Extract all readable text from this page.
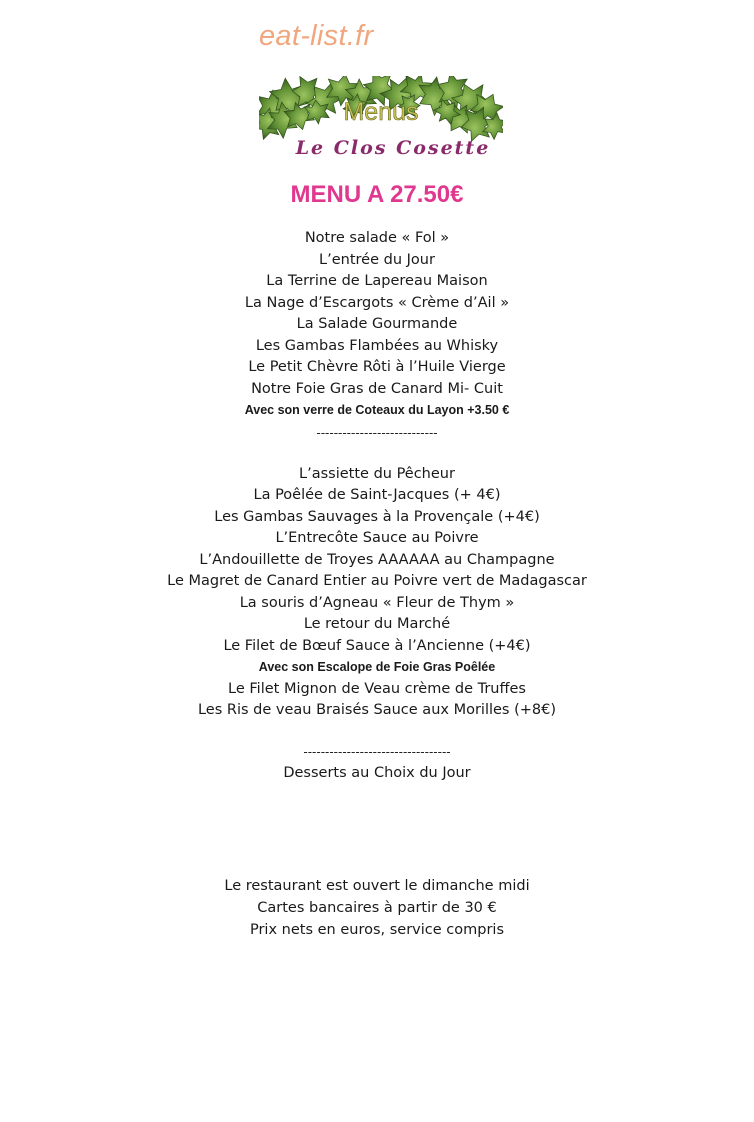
eat-list.fr
Menus
Le Clos Cosette
MENU A 27.50€
Notre salade « Fol »
L’entrée du Jour
La Terrine de Lapereau Maison
La Nage d’Escargots « Crème d’Ail »
La Salade Gourmande
Les Gambas Flambées au Whisky
Le Petit Chèvre Rôti à l’Huile Vierge
Notre Foie Gras de Canard Mi- Cuit
Avec son verre de Coteaux du Layon +3.50 €
----------------------------
L’assiette du Pêcheur
La Poêlée de Saint-Jacques (+ 4€)
Les Gambas Sauvages à la Provençale (+4€)
L’Entrecôte Sauce au Poivre
L’Andouillette de Troyes AAAAAA au Champagne
Le Magret de Canard Entier au Poivre vert de Madagascar
La souris d’Agneau « Fleur de Thym »
Le retour du Marché
Le Filet de Bœuf Sauce à l’Ancienne (+4€)
Avec son Escalope de Foie Gras Poêlée
Le Filet Mignon de Veau crème de Truffes
Les Ris de veau Braisés Sauce aux Morilles (+8€)
----------------------------------
Desserts au Choix du Jour
Le restaurant est ouvert le dimanche midi
Cartes bancaires à partir de 30 €
Prix nets en euros, service compris
